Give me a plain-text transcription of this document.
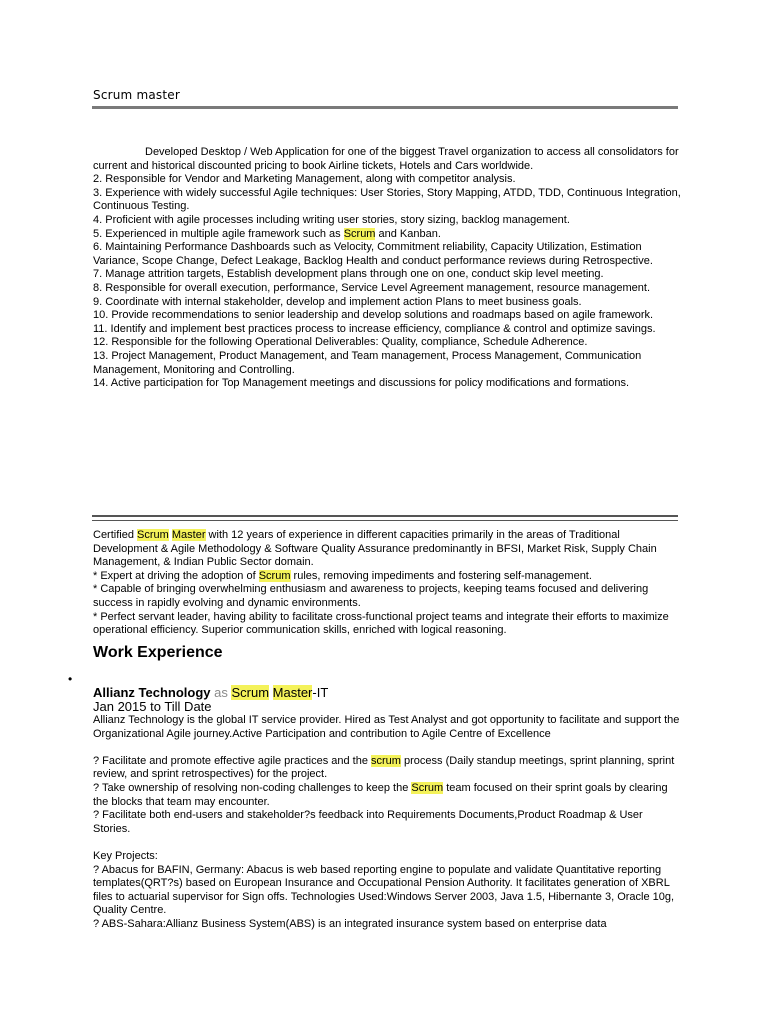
Scrum master

Developed Desktop / Web Application for one of the biggest Travel organization to access all consolidators for current and historical discounted pricing to book Airline tickets, Hotels and Cars worldwide.

2. Responsible for Vendor and Marketing Management, along with competitor analysis.

3. Experience with widely successful Agile techniques: User Stories, Story Mapping, ATDD, TDD, Continuous Integration, Continuous Testing.

4. Proficient with agile processes including writing user stories, story sizing, backlog management.

5. Experienced in multiple agile framework such as Scrum and Kanban.

6. Maintaining Performance Dashboards such as Velocity, Commitment reliability, Capacity Utilization, Estimation Variance, Scope Change, Defect Leakage, Backlog Health and conduct performance reviews during Retrospective.

7. Manage attrition targets, Establish development plans through one on one, conduct skip level meeting.

8. Responsible for overall execution, performance, Service Level Agreement management, resource management.

9. Coordinate with internal stakeholder, develop and implement action Plans to meet business goals.

10. Provide recommendations to senior leadership and develop solutions and roadmaps based on agile framework.

11. Identify and implement best practices process to increase efficiency, compliance & control and optimize savings.

12. Responsible for the following Operational Deliverables: Quality, compliance, Schedule Adherence.

13. Project Management, Product Management, and Team management, Process Management, Communication Management, Monitoring and Controlling.

14. Active participation for Top Management meetings and discussions for policy modifications and formations.

Certified Scrum Master with 12 years of experience in different capacities primarily in the areas of Traditional Development & Agile Methodology & Software Quality Assurance predominantly in BFSI, Market Risk, Supply Chain Management, & Indian Public Sector domain.

* Expert at driving the adoption of Scrum rules, removing impediments and fostering self-management.

* Capable of bringing overwhelming enthusiasm and awareness to projects, keeping teams focused and delivering success in rapidly evolving and dynamic environments.

* Perfect servant leader, having ability to facilitate cross-functional project teams and integrate their efforts to maximize operational efficiency. Superior communication skills, enriched with logical reasoning.

Work Experience
•
Allianz Technology as Scrum Master-IT
Jan 2015 to Till Date

Allianz Technology is the global IT service provider. Hired as Test Analyst and got opportunity to facilitate and support the Organizational Agile journey.Active Participation and contribution to Agile Centre of Excellence

? Facilitate and promote effective agile practices and the scrum process (Daily standup meetings, sprint planning, sprint review, and sprint retrospectives) for the project.

? Take ownership of resolving non-coding challenges to keep the Scrum team focused on their sprint goals by clearing the blocks that team may encounter.

? Facilitate both end-users and stakeholder?s feedback into Requirements Documents,Product Roadmap & User Stories.

Key Projects:

? Abacus for BAFIN, Germany: Abacus is web based reporting engine to populate and validate Quantitative reporting templates(QRT?s) based on European Insurance and Occupational Pension Authority. It facilitates generation of XBRL files to actuarial supervisor for Sign offs. Technologies Used:Windows Server 2003, Java 1.5, Hibernante 3, Oracle 10g, Quality Centre.

? ABS-Sahara:Allianz Business System(ABS) is an integrated insurance system based on enterprise data
